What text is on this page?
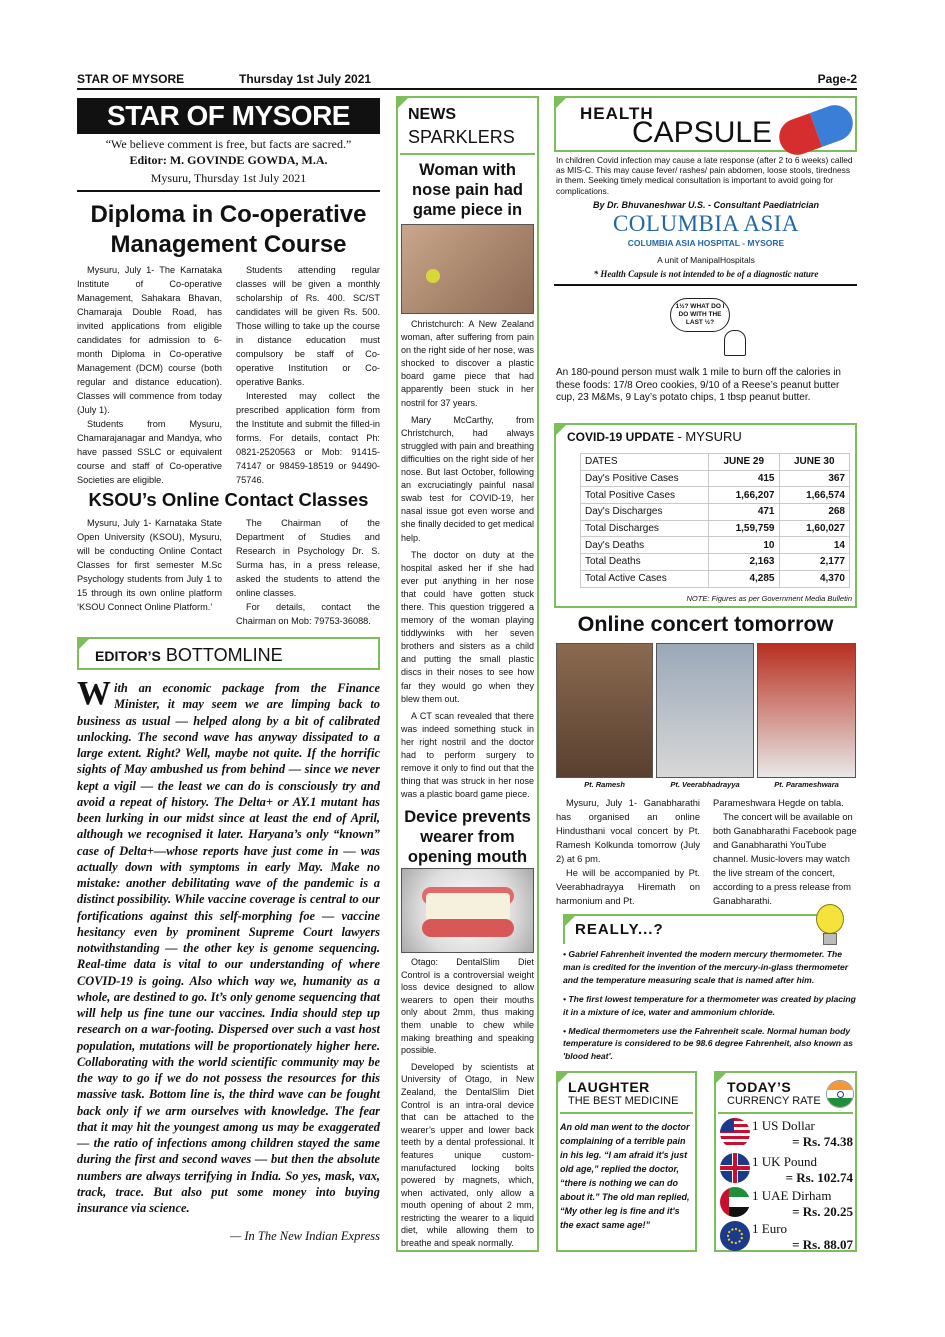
STAR OF MYSORE	Thursday 1st July 2021	Page-2
STAR OF MYSORE
“We believe comment is free, but facts are sacred.”
Editor: M. GOVINDE GOWDA, M.A.
Mysuru, Thursday 1st July 2021
Diploma in Co-operative
Management Course

Mysuru, July 1- The Karnataka Institute of Co-operative Management, Sahakara Bhavan, Chamaraja Double Road, has invited applications from eligible candidates for admission to 6-month Diploma in Co-operative Management (DCM) course (both regular and distance education). Classes will commence from today (July 1).

Students from Mysuru, Chamarajanagar and Mandya, who have passed SSLC or equivalent course and staff of Co-operative Societies are eligible.

Students attending regular classes will be given a monthly scholarship of Rs. 400. SC/ST candidates will be given Rs. 500. Those willing to take up the course in distance education must compulsory be staff of Co-operative Institution or Co-operative Banks.

Interested may collect the prescribed application form from the Institute and submit the filled-in forms. For details, contact Ph: 0821-2520563 or Mob: 91415-74147 or 98459-18519 or 94490-75746.

KSOU’s Online Contact Classes

Mysuru, July 1- Karnataka State Open University (KSOU), Mysuru, will be conducting Online Contact Classes for first semester M.Sc Psychology students from July 1 to 15 through its own online platform ‘KSOU Connect Online Platform.’

The Chairman of the Department of Studies and Research in Psychology Dr. S. Surma has, in a press release, asked the students to attend the online classes.

For details, contact the Chairman on Mob: 79753-36088.

EDITOR’S BOTTOMLINE
With an economic package from the Finance Minister, it may seem we are limping back to business as usual — helped along by a bit of calibrated unlocking. The second wave has anyway dissipated to a large extent. Right? Well, maybe not quite. If the horrific sights of May ambushed us from behind — since we never kept a vigil — the least we can do is consciously try and avoid a repeat of history. The Delta+ or AY.1 mutant has been lurking in our midst since at least the end of April, although we recognised it later. Haryana’s only “known” case of Delta+—whose reports have just come in — was actually down with symptoms in early May. Make no mistake: another debilitating wave of the pandemic is a distinct possibility. While vaccine coverage is central to our fortifications against this self-morphing foe — vaccine hesitancy even by prominent Supreme Court lawyers notwithstanding — the other key is genome sequencing. Real-time data is vital to our understanding of where COVID-19 is going. Also which way we, humanity as a whole, are destined to go. It’s only genome sequencing that will help us fine tune our vaccines. India should step up research on a war-footing. Dispersed over such a vast host population, mutations will be proportionately higher here. Collaborating with the world scientific community may be the way to go if we do not possess the resources for this massive task. Bottom line is, the third wave can be fought back only if we arm ourselves with knowledge. The fear that it may hit the youngest among us may be exaggerated — the ratio of infections among children stayed the same during the first and second waves — but then the absolute numbers are always terrifying in India. So yes, mask, vax, track, trace. But also put some money into buying insurance via science.
— In The New Indian Express
NEWS
SPARKLERS
Woman with nose pain had game piece in

Christchurch: A New Zealand woman, after suffering from pain on the right side of her nose, was shocked to discover a plastic board game piece that had apparently been stuck in her nostril for 37 years.

Mary McCarthy, from Christchurch, had always struggled with pain and breathing difficulties on the right side of her nose. But last October, following an excruciatingly painful nasal swab test for COVID-19, her nasal issue got even worse and she finally decided to get medical help.

The doctor on duty at the hospital asked her if she had ever put anything in her nose that could have gotten stuck there. This question triggered a memory of the woman playing tiddlywinks with her seven brothers and sisters as a child and putting the small plastic discs in their noses to see how far they would go when they blew them out.

A CT scan revealed that there was indeed something stuck in her right nostril and the doctor had to perform surgery to remove it only to find out that the thing that was struck in her nose was a plastic board game piece.

Device prevents wearer from opening mouth

Otago: DentalSlim Diet Control is a controversial weight loss device designed to allow wearers to open their mouths only about 2mm, thus making them unable to chew while making breathing and speaking possible.

Developed by scientists at University of Otago, in New Zealand, the DentalSlim Diet Control is an intra-oral device that can be attached to the wearer’s upper and lower back teeth by a dental professional. It features unique custom-manufactured locking bolts powered by magnets, which, when activated, only allow a mouth opening of about 2 mm, restricting the wearer to a liquid diet, while allowing them to breathe and speak normally.

HEALTH
CAPSULE
In children Covid infection may cause a late response (after 2 to 6 weeks) called as MIS-C. This may cause fever/ rashes/ pain abdomen, loose stools, tiredness in them. Seeking timely medical consultation is important to avoid going for complications.
By Dr. Bhuvaneshwar U.S. - Consultant Paediatrician
COLUMBIA ASIA
COLUMBIA ASIA HOSPITAL - MYSORE
A unit of ManipalHospitals
* Health Capsule is not intended to be of a diagnostic nature
1½? WHAT DO I DO WITH THE LAST ½?
An 180-pound person must walk 1 mile to burn off the calories in these foods: 17/8 Oreo cookies, 9/10 of a Reese’s peanut butter cup, 23 M&Ms, 9 Lay’s potato chips, 1 tbsp peanut butter.
COVID-19 UPDATE - MYSURU
DATES	JUNE 29	JUNE 30
Day's Positive Cases	415	367
Total Positive Cases	1,66,207	1,66,574
Day's Discharges	471	268
Total Discharges	1,59,759	1,60,027
Day's Deaths	10	14
Total Deaths	2,163	2,177
Total Active Cases	4,285	4,370
NOTE: Figures as per Government Media Bulletin
Online concert tomorrow
Pt. Ramesh	Pt. Veerabhadrayya	Pt. Parameshwara

Mysuru, July 1- Ganabharathi has organised an online Hindusthani vocal concert by Pt. Ramesh Kolkunda tomorrow (July 2) at 6 pm.

He will be accompanied by Pt. Veerabhadrayya Hiremath on harmonium and Pt.

Parameshwara Hegde on tabla.

The concert will be available on both Ganabharathi Facebook page and Ganabharathi YouTube channel. Music-lovers may watch the live stream of the concert, according to a press release from Ganabharathi.

REALLY...?
• Gabriel Fahrenheit invented the modern mercury thermometer. The man is credited for the invention of the mercury-in-glass thermometer and the temperature measuring scale that is named after him.
• The first lowest temperature for a thermometer was created by placing it in a mixture of ice, water and ammonium chloride.
• Medical thermometers use the Fahrenheit scale. Normal human body temperature is considered to be 98.6 degree Fahrenheit, also known as 'blood heat'.
LAUGHTER
THE BEST MEDICINE
An old man went to the doctor complaining of a terrible pain in his leg. “I am afraid it's just old age,” replied the doctor, “there is nothing we can do about it.” The old man replied, “My other leg is fine and it's the exact same age!”
TODAY’S
CURRENCY RATE
1 US Dollar
= Rs. 74.38
1 UK Pound
= Rs. 102.74
1 UAE Dirham
= Rs. 20.25
1 Euro
= Rs. 88.07
